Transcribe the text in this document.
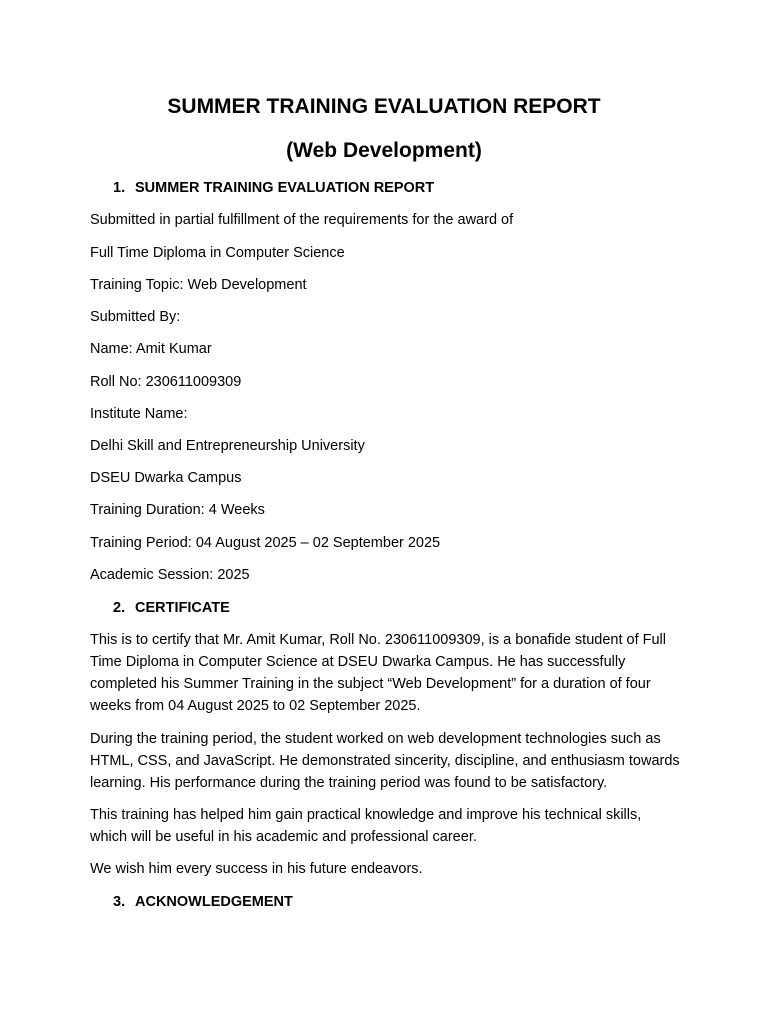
SUMMER TRAINING EVALUATION REPORT
(Web Development)
1. SUMMER TRAINING EVALUATION REPORT
Submitted in partial fulfillment of the requirements for the award of
Full Time Diploma in Computer Science
Training Topic: Web Development
Submitted By:
Name: Amit Kumar
Roll No: 230611009309
Institute Name:
Delhi Skill and Entrepreneurship University
DSEU Dwarka Campus
Training Duration: 4 Weeks
Training Period: 04 August 2025 – 02 September 2025
Academic Session: 2025
2. CERTIFICATE
This is to certify that Mr. Amit Kumar, Roll No. 230611009309, is a bonafide student of Full Time Diploma in Computer Science at DSEU Dwarka Campus. He has successfully completed his Summer Training in the subject “Web Development” for a duration of four weeks from 04 August 2025 to 02 September 2025.
During the training period, the student worked on web development technologies such as HTML, CSS, and JavaScript. He demonstrated sincerity, discipline, and enthusiasm towards learning. His performance during the training period was found to be satisfactory.
This training has helped him gain practical knowledge and improve his technical skills, which will be useful in his academic and professional career.
We wish him every success in his future endeavors.
3. ACKNOWLEDGEMENT
